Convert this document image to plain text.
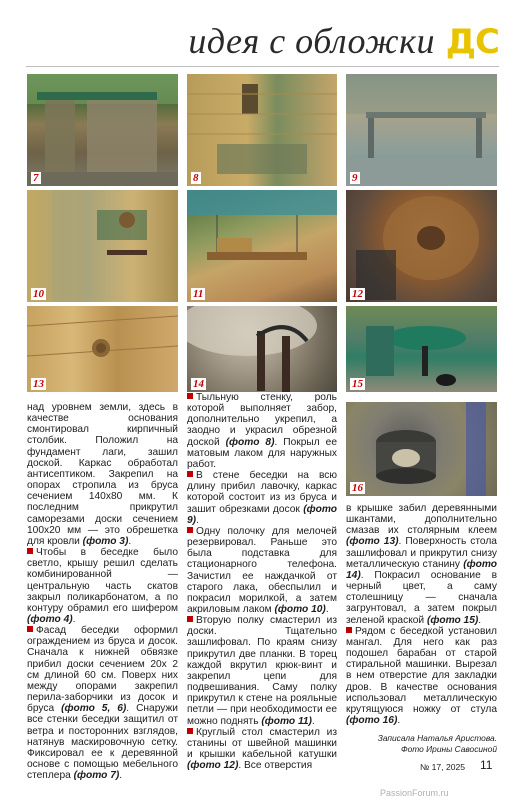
идея с обложки ДС
7	8	9
10	11	12
13	14	15
16

над уровнем земли, здесь в качестве основания смонтировал кирпичный столбик. Положил на фундамент лаги, зашил доской. Каркас обработал антисептиком. Закрепил на опорах стропила из бруса сечением 140х80 мм. К последним прикрутил саморезами доски сечением 100х20 мм — это обрешетка для кровли (фото 3).

Чтобы в беседке было светло, крышу решил сделать комбинированной — центральную часть скатов закрыл поликарбонатом, а по контуру обрамил его шифером (фото 4).

Фасад беседки оформил ограждением из бруса и досок. Сначала к нижней обвязке прибил доски сечением 20х 2 см длиной 60 см. Поверх них между опорами закрепил перила-заборчики из досок и бруса (фото 5, 6). Снаружи все стенки беседки защитил от ветра и посторонних взглядов, натянув маскировочную сетку. Фиксировал ее к деревянной основе с помощью мебельного степлера (фото 7).

Тыльную стенку, роль которой выполняет забор, дополнительно укрепил, а заодно и украсил обрезной доской (фото 8). Покрыл ее матовым лаком для наружных работ.

В стене беседки на всю длину прибил лавочку, каркас которой состоит из из бруса и зашит обрезками досок (фото 9).

Одну полочку для мелочей резервировал. Раньше это была подставка для стационарного телефона. Зачистил ее наждачкой от старого лака, обеспылил и покрасил морилкой, а затем акриловым лаком (фото 10).

Вторую полку смастерил из доски. Тщательно зашлифовал. По краям снизу прикрутил две планки. В торец каждой вкрутил крюк-винт и закрепил цепи для подвешивания. Саму полку прикрутил к стене на рояльные петли — при необходимости ее можно поднять (фото 11).

Круглый стол смастерил из станины от швейной машинки и крышки кабельной катушки (фото 12). Все отверстия

в крышке забил деревянными шкантами, дополнительно смазав их столярным клеем (фото 13). Поверхность стола зашлифовал и прикрутил снизу металлическую станину (фото 14). Покрасил основание в черный цвет, а саму столешницу — сначала загрунтовал, а затем покрыл зеленой краской (фото 15).

Рядом с беседкой установил мангал. Для него как раз подошел барабан от старой стиральной машинки. Вырезал в нем отверстие для закладки дров. В качестве основания использовал металлическую крутящуюся ножку от стула (фото 16).

Записала Наталья Аристова.
Фото Ирины Савосиной
№ 17, 2025 11
PassionForum.ru
